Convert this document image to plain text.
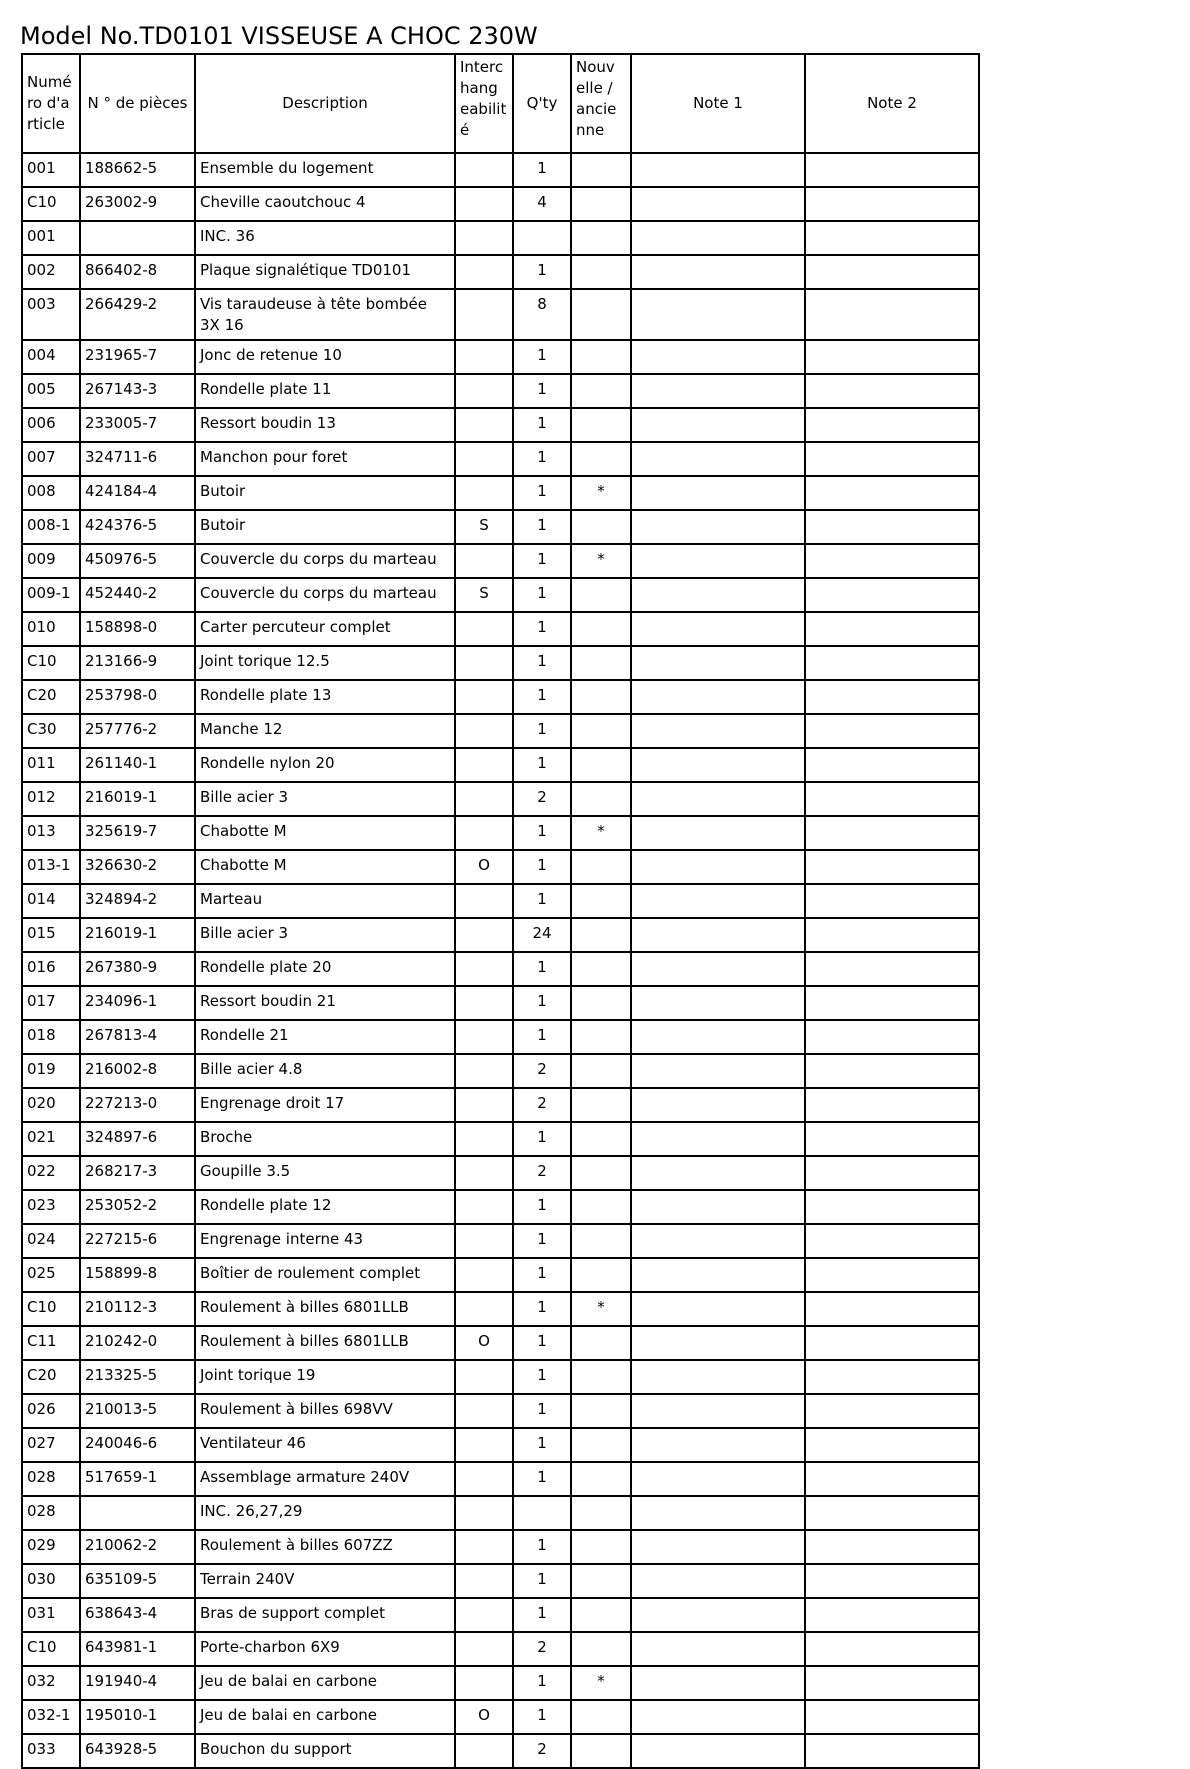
Model No.TD0101 VISSEUSE A CHOC 230W
Numé
ro d'a
rticle	N ° de pièces	Description	Interc
hang
eabilit
é	Q'ty	Nouv
elle /
ancie
nne	Note 1	Note 2
001	188662-5	Ensemble du logement		1			
C10	263002-9	Cheville caoutchouc 4		4			
001		INC. 36					
002	866402-8	Plaque signalétique TD0101		1			
003	266429-2	Vis taraudeuse à tête bombée 3X 16		8			
004	231965-7	Jonc de retenue 10		1			
005	267143-3	Rondelle plate 11		1			
006	233005-7	Ressort boudin 13		1			
007	324711-6	Manchon pour foret		1			
008	424184-4	Butoir		1	*		
008-1	424376-5	Butoir	S	1			
009	450976-5	Couvercle du corps du marteau		1	*		
009-1	452440-2	Couvercle du corps du marteau	S	1			
010	158898-0	Carter percuteur complet		1			
C10	213166-9	Joint torique 12.5		1			
C20	253798-0	Rondelle plate 13		1			
C30	257776-2	Manche 12		1			
011	261140-1	Rondelle nylon 20		1			
012	216019-1	Bille acier 3		2			
013	325619-7	Chabotte M		1	*		
013-1	326630-2	Chabotte M	O	1			
014	324894-2	Marteau		1			
015	216019-1	Bille acier 3		24			
016	267380-9	Rondelle plate 20		1			
017	234096-1	Ressort boudin 21		1			
018	267813-4	Rondelle 21		1			
019	216002-8	Bille acier 4.8		2			
020	227213-0	Engrenage droit 17		2			
021	324897-6	Broche		1			
022	268217-3	Goupille 3.5		2			
023	253052-2	Rondelle plate 12		1			
024	227215-6	Engrenage interne 43		1			
025	158899-8	Boîtier de roulement complet		1			
C10	210112-3	Roulement à billes 6801LLB		1	*		
C11	210242-0	Roulement à billes 6801LLB	O	1			
C20	213325-5	Joint torique 19		1			
026	210013-5	Roulement à billes 698VV		1			
027	240046-6	Ventilateur 46		1			
028	517659-1	Assemblage armature 240V		1			
028		INC. 26,27,29					
029	210062-2	Roulement à billes 607ZZ		1			
030	635109-5	Terrain 240V		1			
031	638643-4	Bras de support complet		1			
C10	643981-1	Porte-charbon 6X9		2			
032	191940-4	Jeu de balai en carbone		1	*		
032-1	195010-1	Jeu de balai en carbone	O	1			
033	643928-5	Bouchon du support		2			
